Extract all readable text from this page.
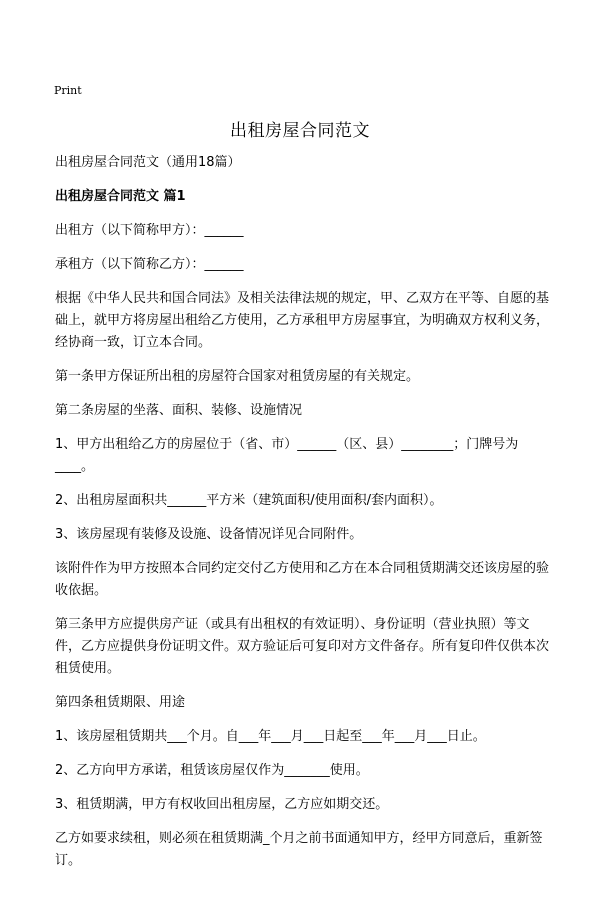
Print
出租房屋合同范文

出租房屋合同范文（通用18篇）

出租房屋合同范文 篇1

出租方（以下简称甲方）：______

承租方（以下简称乙方）：______

根据《中华人民共和国合同法》及相关法律法规的规定，甲、乙双方在平等、自愿的基础上，就甲方将房屋出租给乙方使用，乙方承租甲方房屋事宜，为明确双方权利义务，经协商一致，订立本合同。

第一条甲方保证所出租的房屋符合国家对租赁房屋的有关规定。

第二条房屋的坐落、面积、装修、设施情况

1、甲方出租给乙方的房屋位于（省、市）______（区、县）________；门牌号为____。

2、出租房屋面积共______平方米（建筑面积/使用面积/套内面积）。

3、该房屋现有装修及设施、设备情况详见合同附件。

该附件作为甲方按照本合同约定交付乙方使用和乙方在本合同租赁期满交还该房屋的验收依据。

第三条甲方应提供房产证（或具有出租权的有效证明）、身份证明（营业执照）等文件，乙方应提供身份证明文件。双方验证后可复印对方文件备存。所有复印件仅供本次租赁使用。

第四条租赁期限、用途

1、该房屋租赁期共___个月。自___年___月___日起至___年___月___日止。

2、乙方向甲方承诺，租赁该房屋仅作为_______使用。

3、租赁期满，甲方有权收回出租房屋，乙方应如期交还。

乙方如要求续租，则必须在租赁期满_个月之前书面通知甲方，经甲方同意后，重新签订。
